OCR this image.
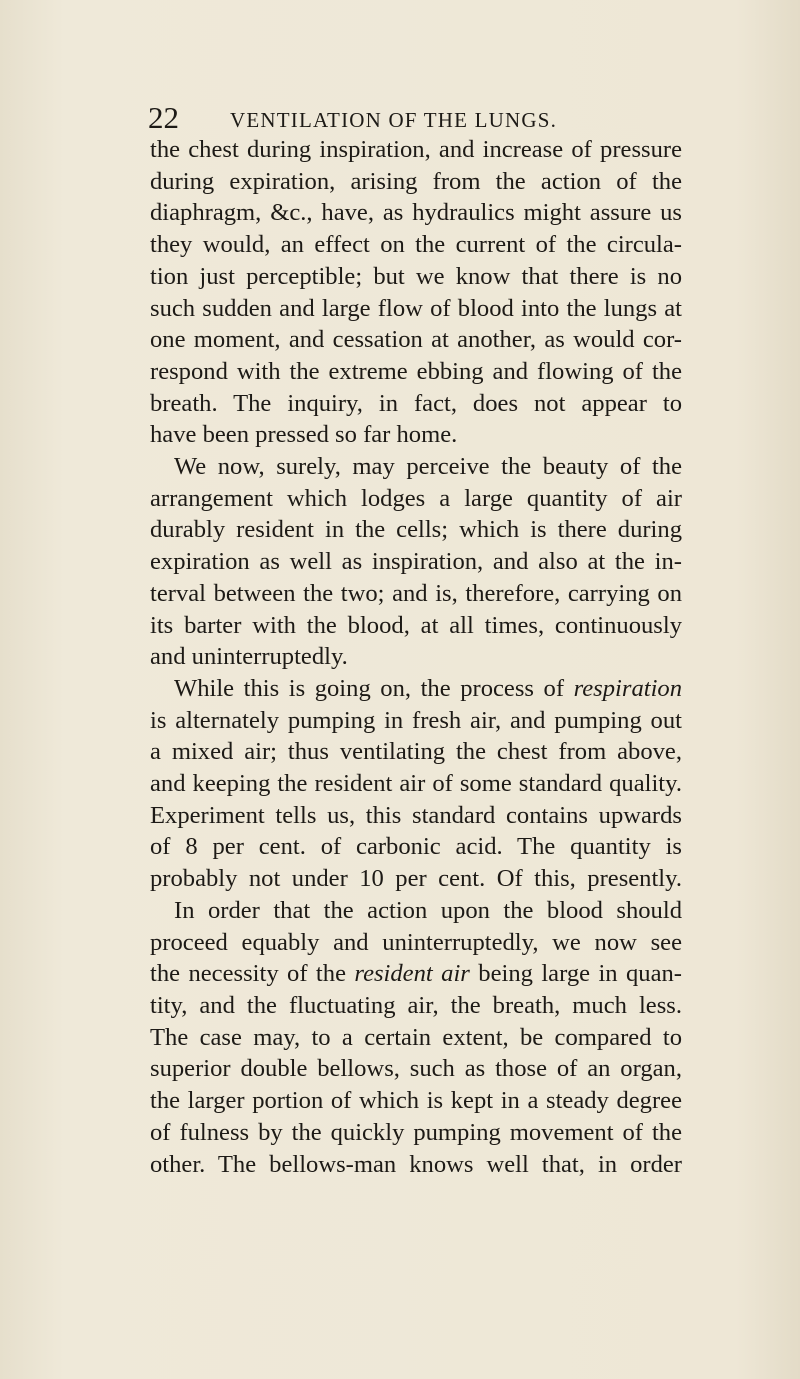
22 VENTILATION OF THE LUNGS.
the chest during inspiration, and increase of pressure
during expiration, arising from the action of the
diaphragm, &c., have, as hydraulics might assure us
they would, an effect on the current of the circula-
tion just perceptible; but we know that there is no
such sudden and large flow of blood into the lungs at
one moment, and cessation at another, as would cor-
respond with the extreme ebbing and flowing of the
breath. The inquiry, in fact, does not appear to
have been pressed so far home.
We now, surely, may perceive the beauty of the
arrangement which lodges a large quantity of air
durably resident in the cells; which is there during
expiration as well as inspiration, and also at the in-
terval between the two; and is, therefore, carrying on
its barter with the blood, at all times, continuously
and uninterruptedly.
While this is going on, the process of respiration
is alternately pumping in fresh air, and pumping out
a mixed air; thus ventilating the chest from above,
and keeping the resident air of some standard quality.
Experiment tells us, this standard contains upwards
of 8 per cent. of carbonic acid. The quantity is
probably not under 10 per cent. Of this, presently.
In order that the action upon the blood should
proceed equably and uninterruptedly, we now see
the necessity of the resident air being large in quan-
tity, and the fluctuating air, the breath, much less.
The case may, to a certain extent, be compared to
superior double bellows, such as those of an organ,
the larger portion of which is kept in a steady degree
of fulness by the quickly pumping movement of the
other. The bellows-man knows well that, in order
